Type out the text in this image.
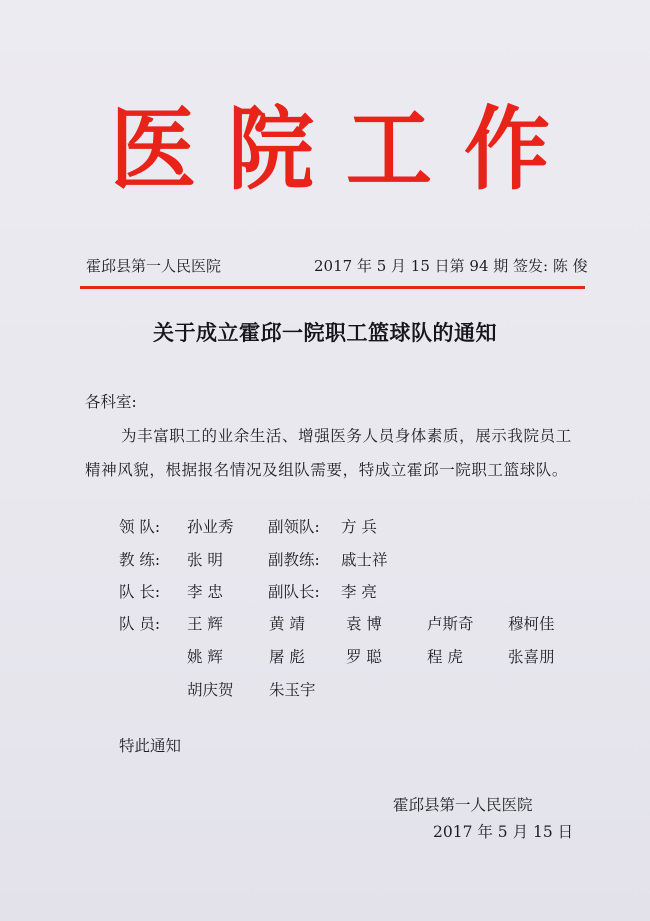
医 院 工 作
霍邱县第一人民医院	2017 年 5 月 15 日第 94 期 签发: 陈 俊
关于成立霍邱一院职工篮球队的通知
各科室:
为丰富职工的业余生活、增强医务人员身体素质，展示我院员工精神风貌，根据报名情况及组队需要，特成立霍邱一院职工篮球队。
领 队: 孙业秀 副领队: 方 兵
教 练: 张 明	副教练: 戚士祥
队 长: 李 忠	副队长: 李 亮
队 员: 王 辉	黄 靖	袁 博	卢斯奇 穆柯佳
姚 辉	屠 彪	罗 聪	程 虎	张喜朋
胡庆贺 朱玉宇
特此通知
霍邱县第一人民医院
2017 年 5 月 15 日
